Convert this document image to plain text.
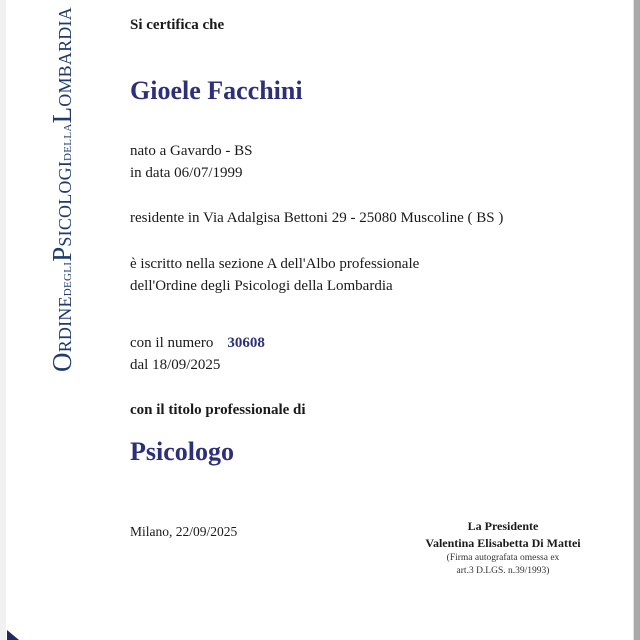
ORDINEDEGLIPSICOLOGIDELLALOMBARDIA	Si certifica che
Gioele Facchini
nato a Gavardo - BS
in data 06/07/1999
residente in Via Adalgisa Bettoni 29 - 25080 Muscoline ( BS )
è iscritto nella sezione A dell'Albo professionale
dell'Ordine degli Psicologi della Lombardia
con il numero 30608
dal 18/09/2025
con il titolo professionale di
Psicologo
Milano, 22/09/2025	La Presidente
Valentina Elisabetta Di Mattei
(Firma autografata omessa ex
art.3 D.LGS. n.39/1993)
